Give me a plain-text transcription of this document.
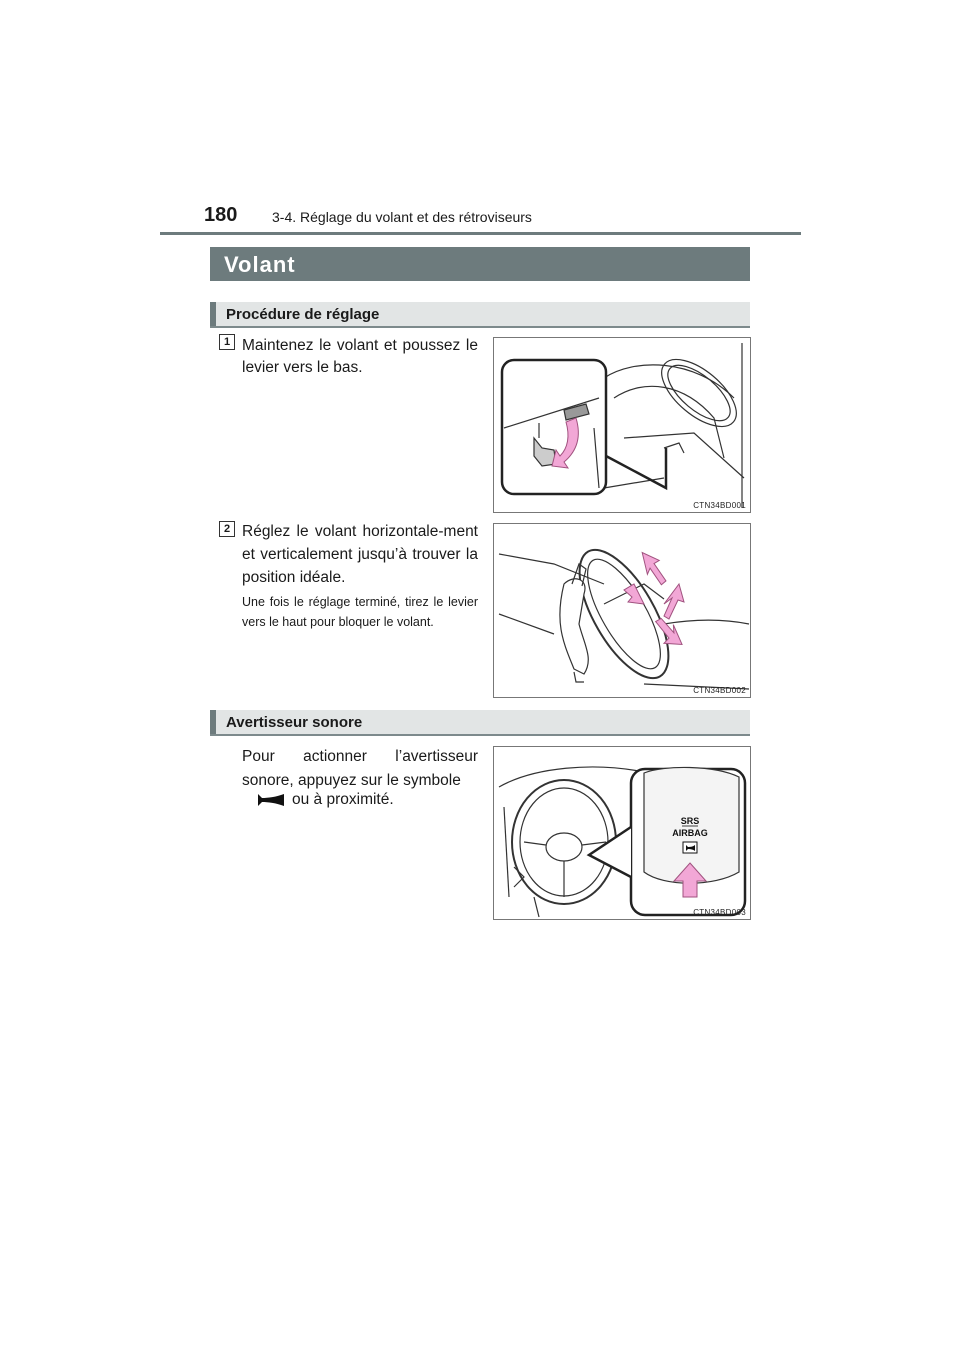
180 3-4. Réglage du volant et des rétroviseurs
Volant
Procédure de réglage
1 Maintenez le volant et poussez le levier vers le bas.
CTN34BD001
2 Réglez le volant horizontale-ment et verticalement jusqu’à trouver la position idéale.
Une fois le réglage terminé, tirez le levier vers le haut pour bloquer le volant.
CTN34BD002
Avertisseur sonore
Pour actionner l’avertisseur sonore, appuyez sur le symbole
ou à proximité.
SRS
AIRBAG
CTN34BD003
